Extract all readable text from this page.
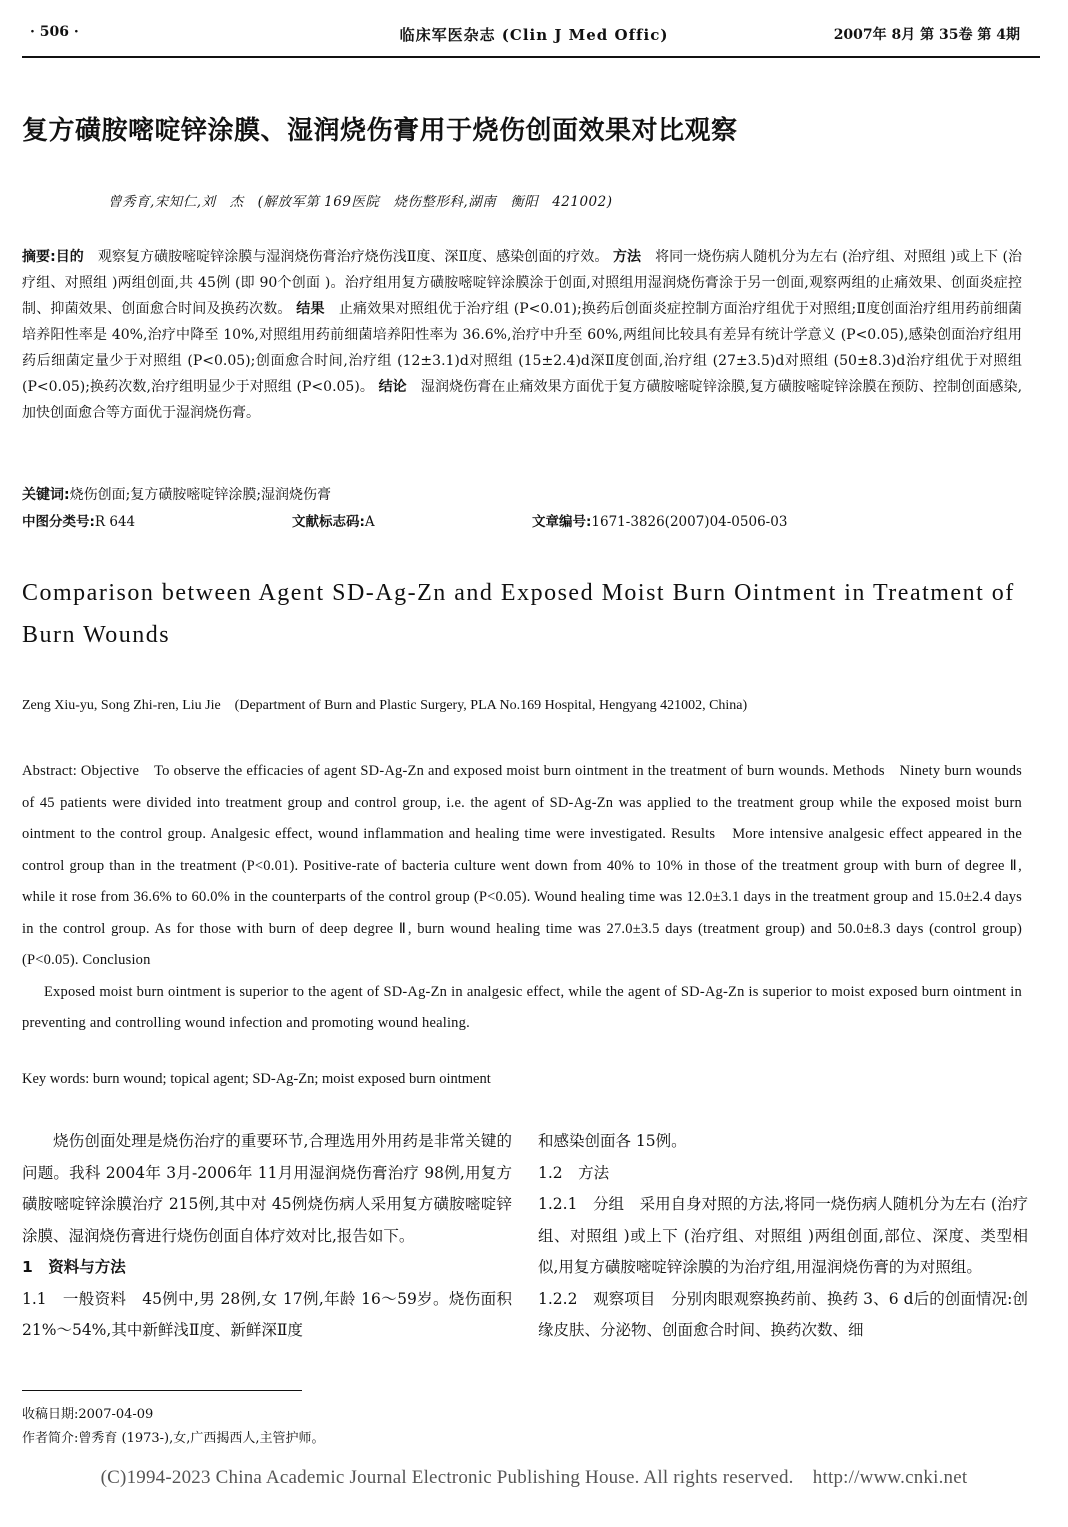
· 506 ·	临床军医杂志 (Clin J Med Offic)	2007年 8月 第 35卷 第 4期
复方磺胺嘧啶锌涂膜、湿润烧伤膏用于烧伤创面效果对比观察
曾秀育,宋知仁,刘　杰　(解放军第 169医院　烧伤整形科,湖南　衡阳　421002)
摘要:目的　 观察复方磺胺嘧啶锌涂膜与湿润烧伤膏治疗烧伤浅Ⅱ度、深Ⅱ度、感染创面的疗效。 方法　 将同一烧伤病人随机分为左右 (治疗组、对照组 )或上下 (治疗组、对照组 )两组创面,共 45例 (即 90个创面 )。治疗组用复方磺胺嘧啶锌涂膜涂于创面,对照组用湿润烧伤膏涂于另一创面,观察两组的止痛效果、创面炎症控制、抑菌效果、创面愈合时间及换药次数。 结果　 止痛效果对照组优于治疗组 (P<0.01);换药后创面炎症控制方面治疗组优于对照组;Ⅱ度创面治疗组用药前细菌培养阳性率是 40%,治疗中降至 10%,对照组用药前细菌培养阳性率为 36.6%,治疗中升至 60%,两组间比较具有差异有统计学意义 (P<0.05),感染创面治疗组用药后细菌定量少于对照组 (P<0.05);创面愈合时间,治疗组 (12±3.1)d对照组 (15±2.4)d深Ⅱ度创面,治疗组 (27±3.5)d对照组 (50±8.3)d治疗组优于对照组 (P<0.05);换药次数,治疗组明显少于对照组 (P<0.05)。 结论　 湿润烧伤膏在止痛效果方面优于复方磺胺嘧啶锌涂膜,复方磺胺嘧啶锌涂膜在预防、控制创面感染,加快创面愈合等方面优于湿润烧伤膏。
关键词:烧伤创面;复方磺胺嘧啶锌涂膜;湿润烧伤膏
中图分类号:R 644	文献标志码:A	文章编号:1671-3826(2007)04-0506-03
Comparison between Agent SD-Ag-Zn and Exposed Moist Burn Ointment in Treatment of Burn Wounds
Zeng Xiu-yu, Song Zhi-ren, Liu Jie　(Department of Burn and Plastic Surgery, PLA No.169 Hospital, Hengyang 421002, China)
Abstract: Objective　To observe the efficacies of agent SD-Ag-Zn and exposed moist burn ointment in the treatment of burn wounds. Methods　Ninety burn wounds of 45 patients were divided into treatment group and control group, i.e. the agent of SD-Ag-Zn was applied to the treatment group while the exposed moist burn ointment to the control group. Analgesic effect, wound inflammation and healing time were investigated. Results　More intensive analgesic effect appeared in the control group than in the treatment (P<0.01). Positive-rate of bacteria culture went down from 40% to 10% in those of the treatment group with burn of degree Ⅱ, while it rose from 36.6% to 60.0% in the counterparts of the control group (P<0.05). Wound healing time was 12.0±3.1 days in the treatment group and 15.0±2.4 days in the control group. As for those with burn of deep degree Ⅱ, burn wound healing time was 27.0±3.5 days (treatment group) and 50.0±8.3 days (control group) (P<0.05). Conclusion
Exposed moist burn ointment is superior to the agent of SD-Ag-Zn in analgesic effect, while the agent of SD-Ag-Zn is superior to moist exposed burn ointment in preventing and controlling wound infection and promoting wound healing.
Key words: burn wound; topical agent; SD-Ag-Zn; moist exposed burn ointment

烧伤创面处理是烧伤治疗的重要环节,合理选用外用药是非常关键的问题。我科 2004年 3月-2006年 11月用湿润烧伤膏治疗 98例,用复方磺胺嘧啶锌涂膜治疗 215例,其中对 45例烧伤病人采用复方磺胺嘧啶锌涂膜、湿润烧伤膏进行烧伤创面自体疗效对比,报告如下。

1　资料与方法

1.1　一般资料　 45例中,男 28例,女 17例,年龄 16～59岁。烧伤面积 21%～54%,其中新鲜浅Ⅱ度、新鲜深Ⅱ度

和感染创面各 15例。

1.2　方法

1.2.1　分组　 采用自身对照的方法,将同一烧伤病人随机分为左右 (治疗组、对照组 )或上下 (治疗组、对照组 )两组创面,部位、深度、类型相似,用复方磺胺嘧啶锌涂膜的为治疗组,用湿润烧伤膏的为对照组。

1.2.2　观察项目　 分别肉眼观察换药前、换药 3、6 d后的创面情况:创缘皮肤、分泌物、创面愈合时间、换药次数、细

收稿日期:2007-04-09
作者简介:曾秀育 (1973-),女,广西揭西人,主管护师。
(C)1994-2023 China Academic Journal Electronic Publishing House. All rights reserved.　http://www.cnki.net
